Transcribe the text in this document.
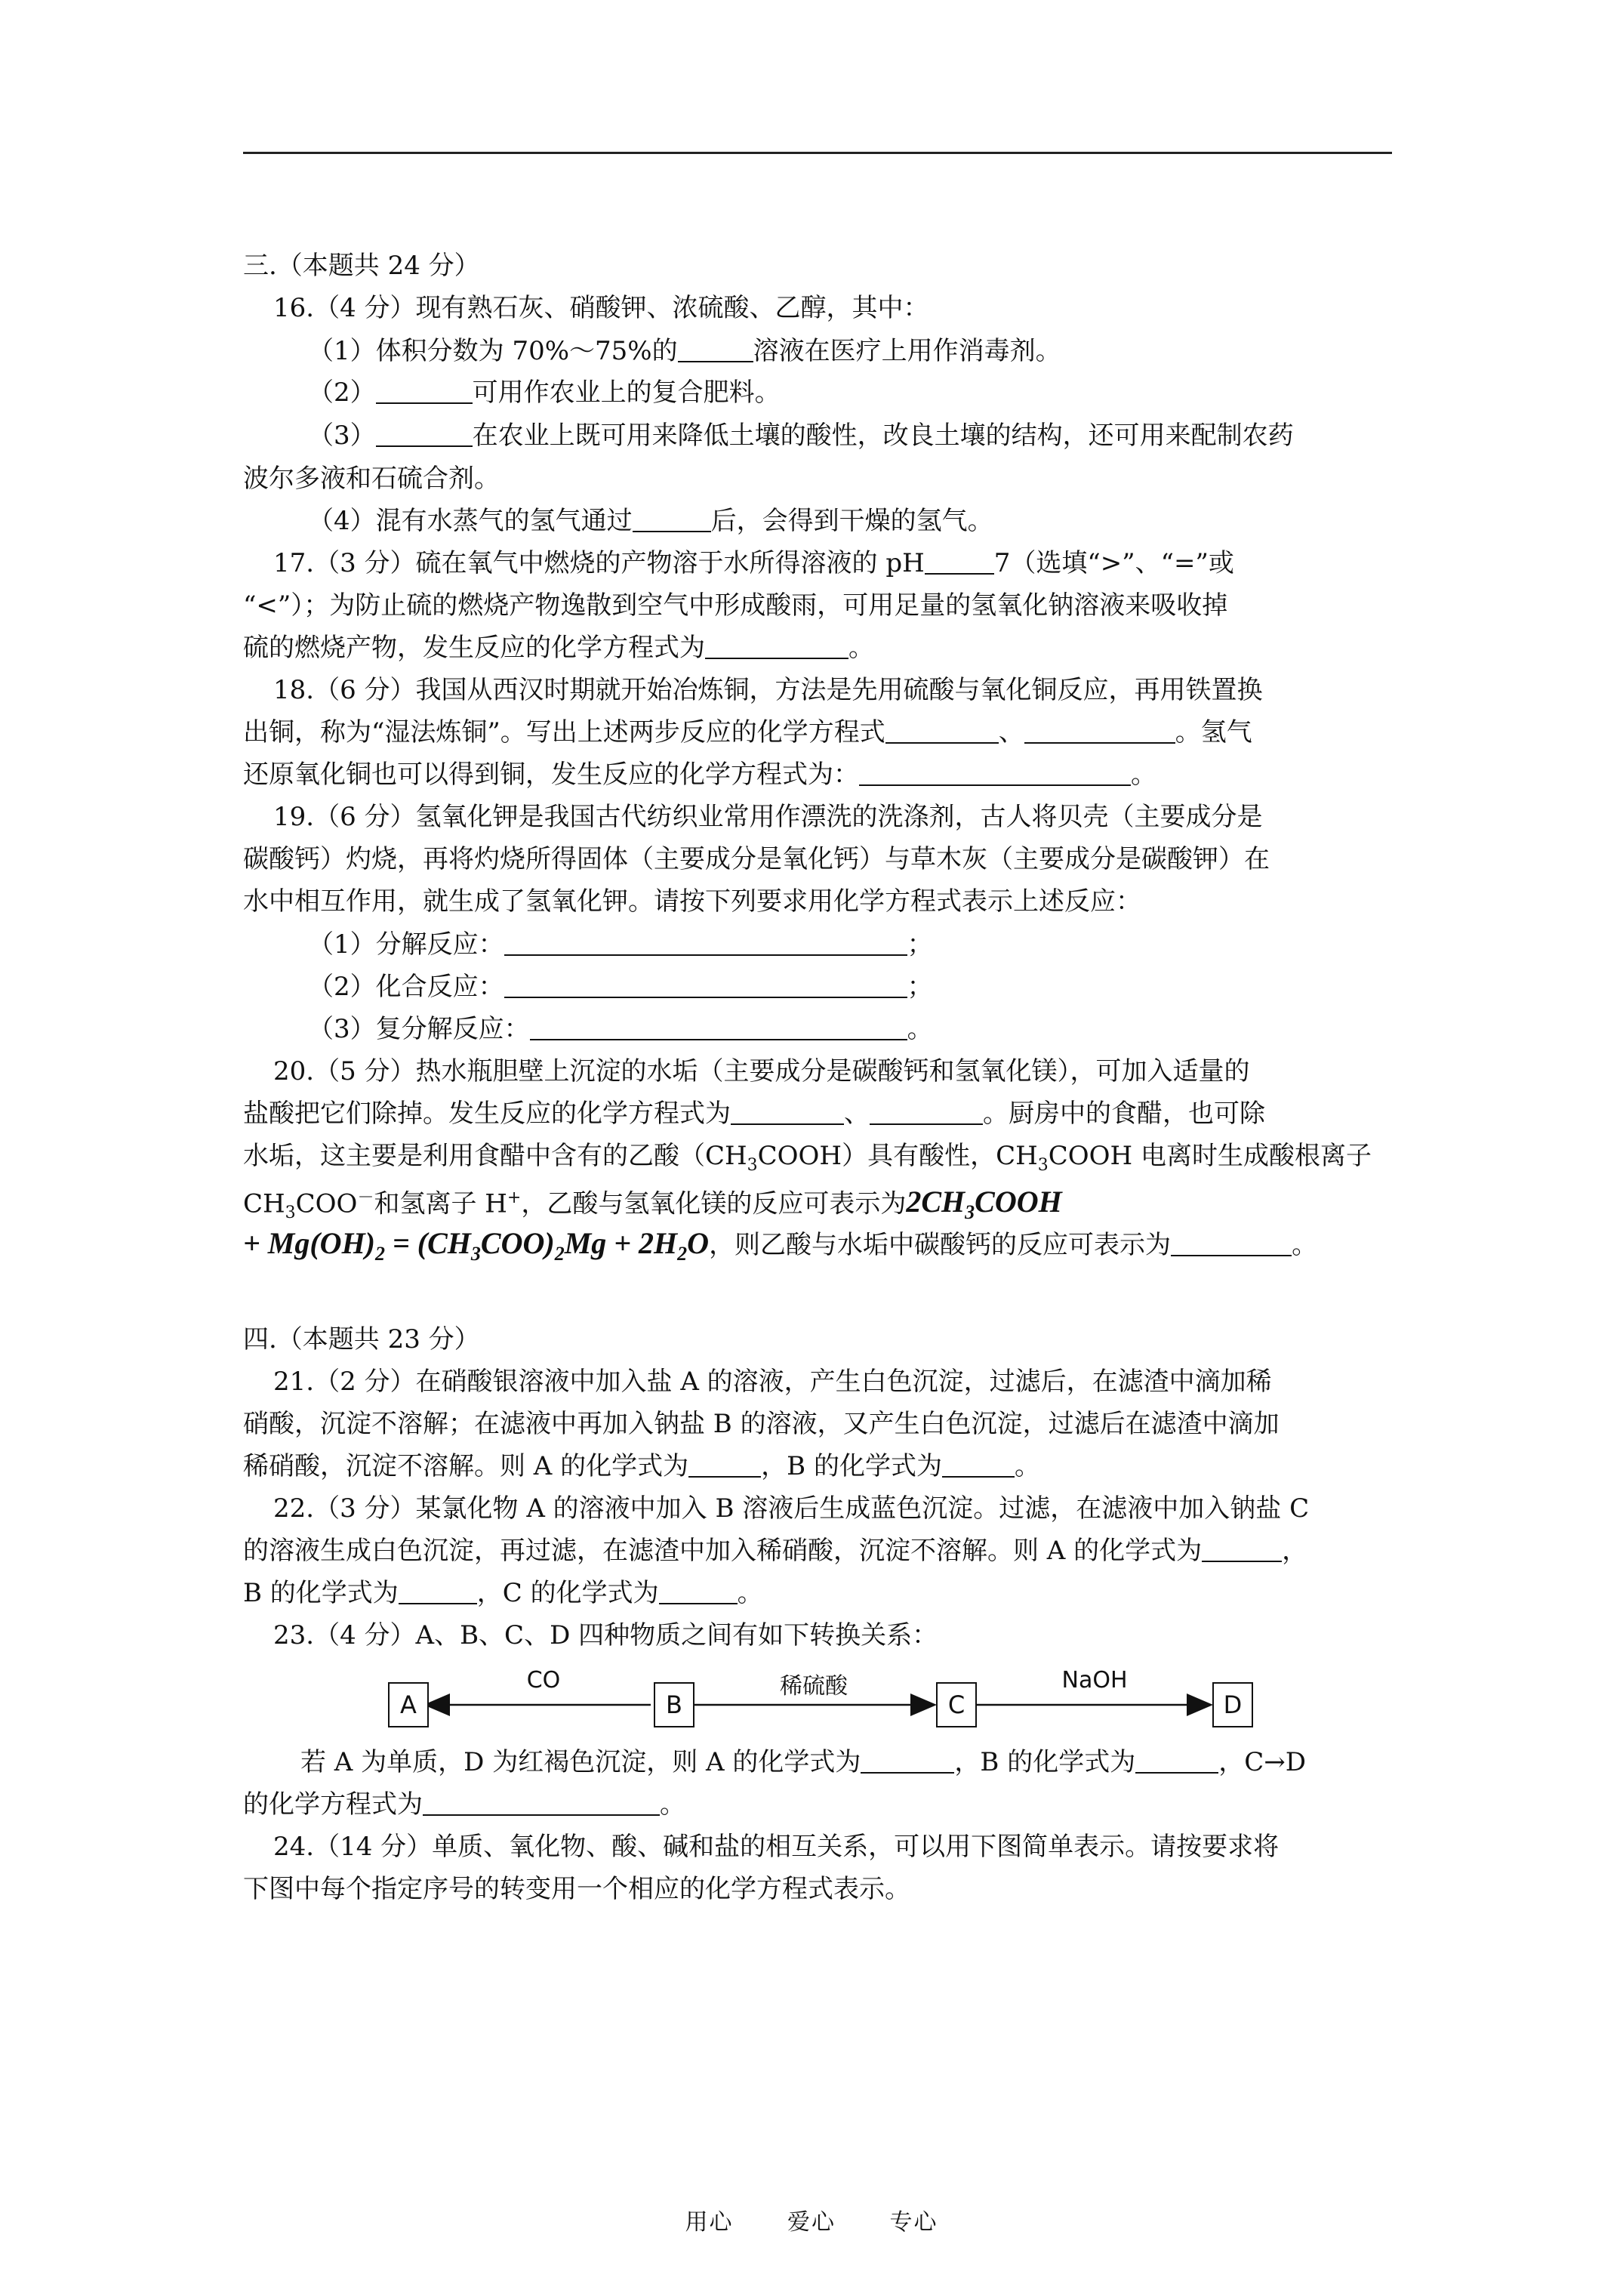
三.（本题共 24 分）
16.（4 分）现有熟石灰、硝酸钾、浓硫酸、乙醇，其中：
（1）体积分数为 70%～75%的	溶液在医疗上用作消毒剂。
（2）	可用作农业上的复合肥料。
（3）	在农业上既可用来降低土壤的酸性，改良土壤的结构，还可用来配制农药
波尔多液和石硫合剂。
（4）混有水蒸气的氢气通过	后，会得到干燥的氢气。
17.（3 分）硫在氧气中燃烧的产物溶于水所得溶液的 pH	7（选填“>”、“=”或
“<”）；为防止硫的燃烧产物逸散到空气中形成酸雨，可用足量的氢氧化钠溶液来吸收掉
硫的燃烧产物，发生反应的化学方程式为	。
18.（6 分）我国从西汉时期就开始冶炼铜，方法是先用硫酸与氧化铜反应，再用铁置换
出铜，称为“湿法炼铜”。写出上述两步反应的化学方程式	、	。氢气
还原氧化铜也可以得到铜，发生反应的化学方程式为：	。
19.（6 分）氢氧化钾是我国古代纺织业常用作漂洗的洗涤剂，古人将贝壳（主要成分是
碳酸钙）灼烧，再将灼烧所得固体（主要成分是氧化钙）与草木灰（主要成分是碳酸钾）在
水中相互作用，就生成了氢氧化钾。请按下列要求用化学方程式表示上述反应：
（1）分解反应：	；
（2）化合反应：	；
（3）复分解反应：	。
20.（5 分）热水瓶胆壁上沉淀的水垢（主要成分是碳酸钙和氢氧化镁），可加入适量的
盐酸把它们除掉。发生反应的化学方程式为	、	。厨房中的食醋，也可除
水垢，这主要是利用食醋中含有的乙酸$(CH_3COOH)$具有酸性，$CH_3COOH$ 电离时生成酸根离子
$CH_3COO^-$和氢离子 H+，乙酸与氢氧化镁的反应可表示为$2CH_3COOH$
+ $Mg(OH)_2 = (CH_3COO)_2Mg + 2H_2O$，则乙酸与水垢中碳酸钙的反应可表示为	。
四.（本题共 23 分）
21.（2 分）在硝酸银溶液中加入盐 A 的溶液，产生白色沉淀，过滤后，在滤渣中滴加稀
硝酸，沉淀不溶解；在滤液中再加入钠盐 B 的溶液，又产生白色沉淀，过滤后在滤渣中滴加
稀硝酸，沉淀不溶解。则 A 的化学式为	，B 的化学式为	。
22.（3 分）某氯化物 A 的溶液中加入 B 溶液后生成蓝色沉淀。过滤，在滤液中加入钠盐 C
的溶液生成白色沉淀，再过滤，在滤渣中加入稀硝酸，沉淀不溶解。则 A 的化学式为	，
B 的化学式为	，C 的化学式为	。
23.（4 分）A、B、C、D 四种物质之间有如下转换关系：
A	B	C	D
CO	稀硫酸	NaOH
若 A 为单质，D 为红褐色沉淀，则 A 的化学式为	，B 的化学式为	，C→D
的化学方程式为	。
24.（14 分）单质、氧化物、酸、碱和盐的相互关系，可以用下图简单表示。请按要求将
下图中每个指定序号的转变用一个相应的化学方程式表示。
用心 爱心 专心
